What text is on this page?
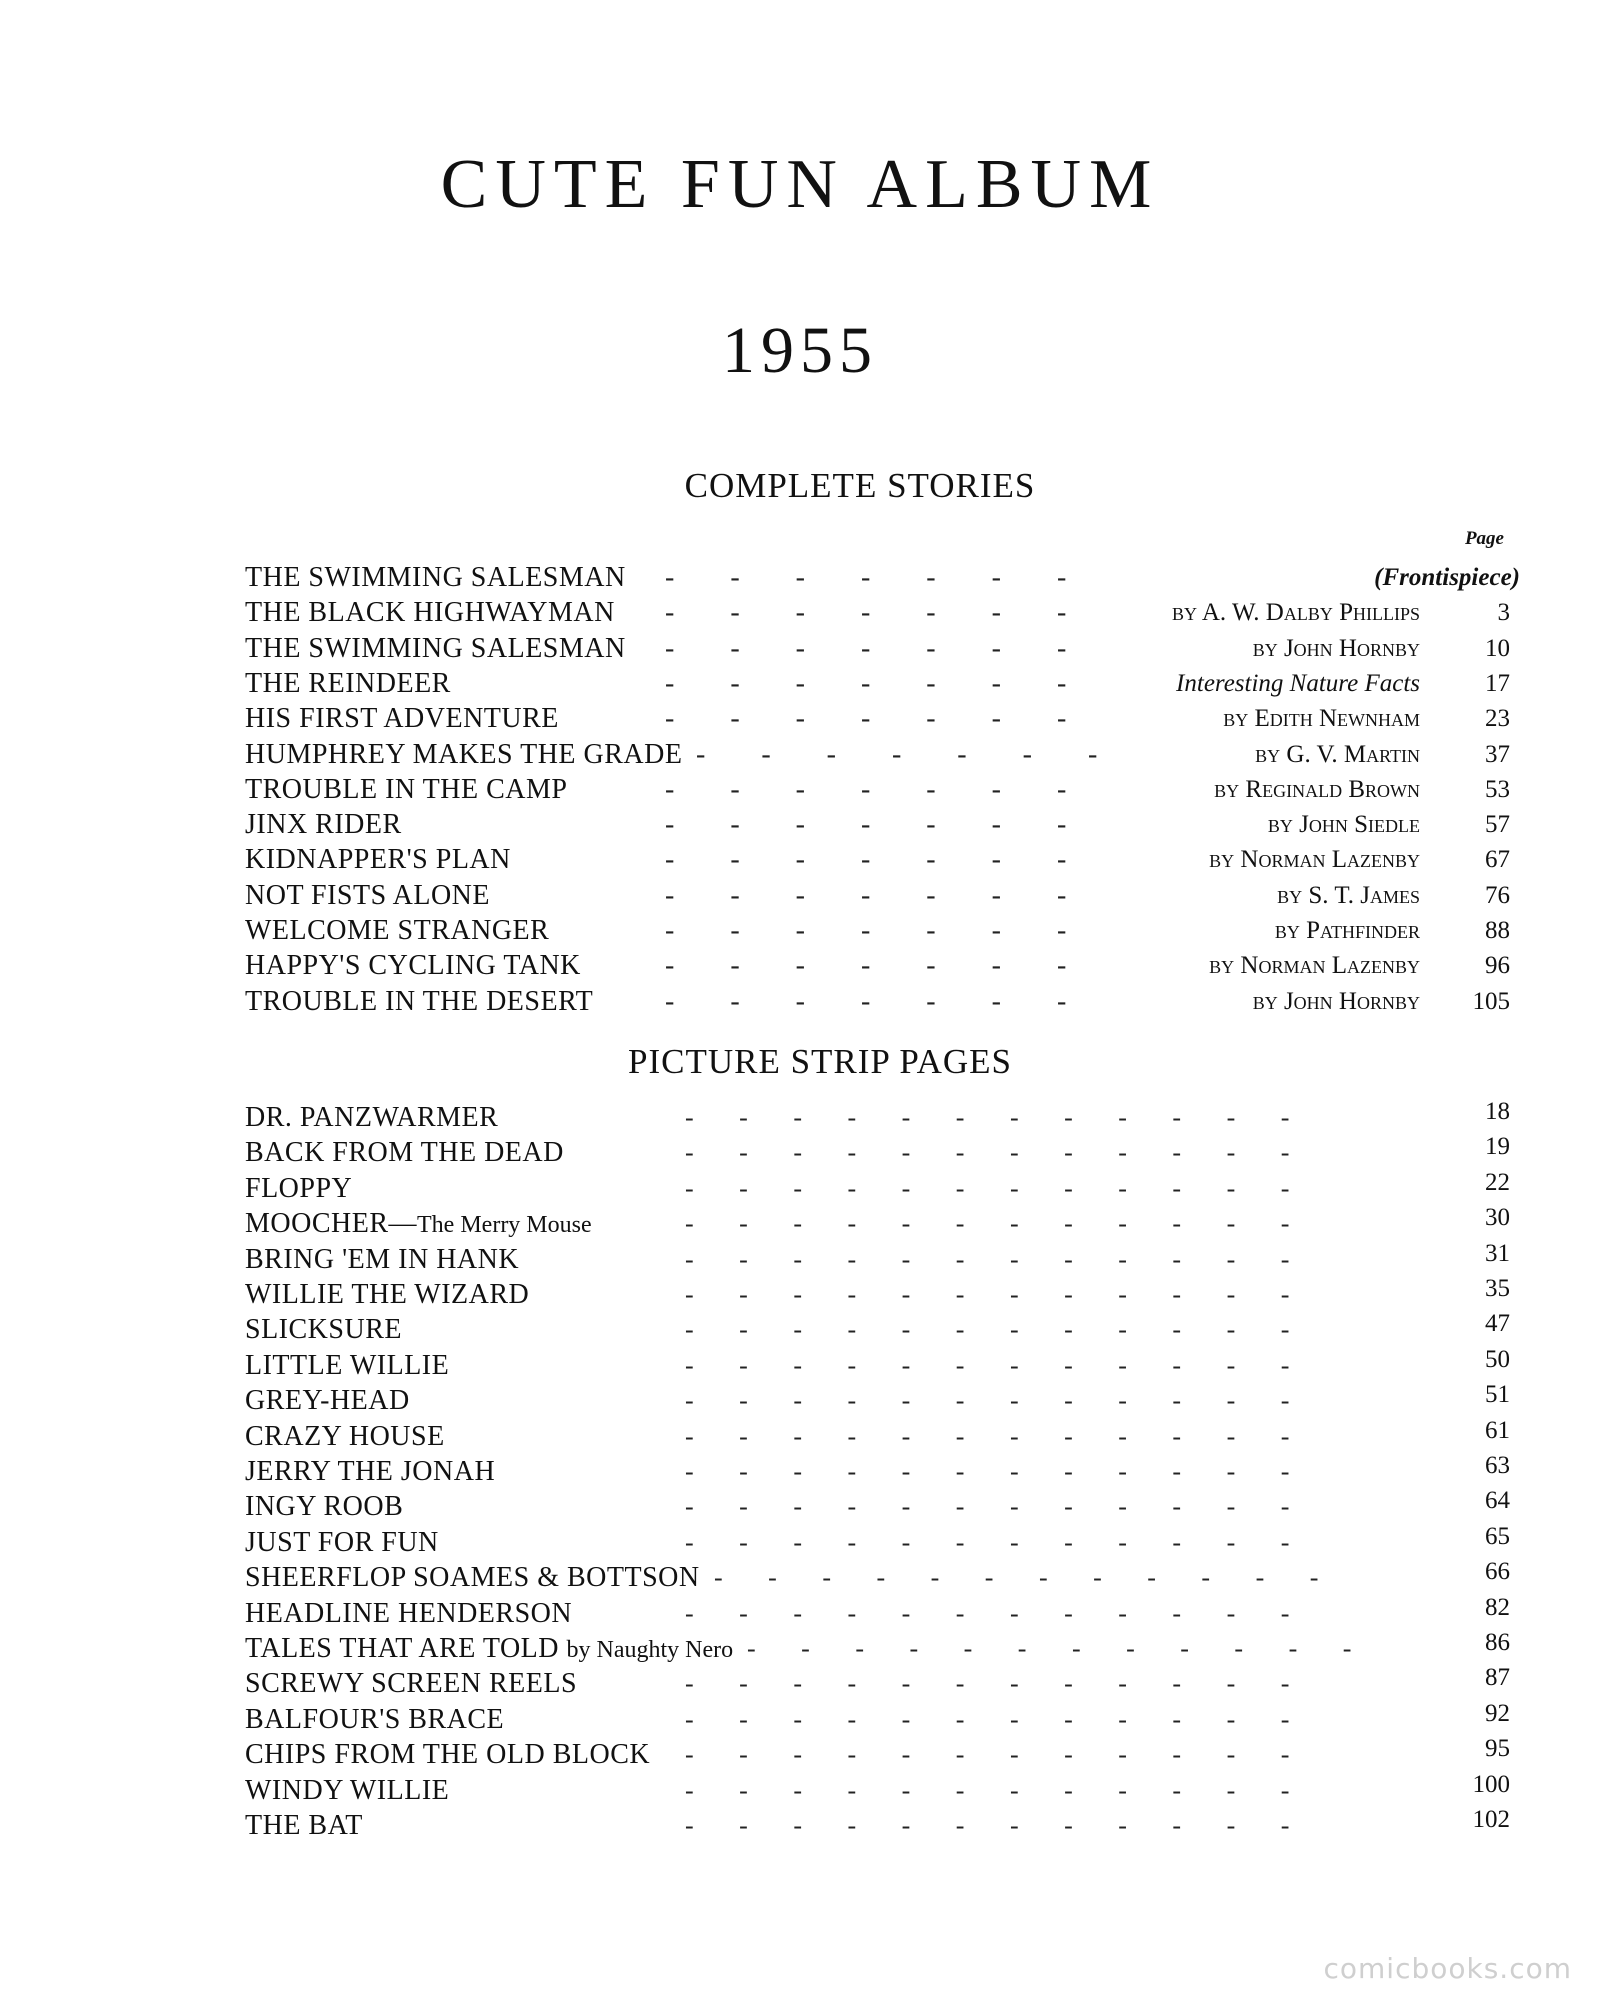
CUTE FUN ALBUM
1955
COMPLETE STORIES
Page
THE SWIMMING SALESMAN -        -        -        -        -        -        -	(Frontispiece)
THE BLACK HIGHWAYMAN -        -        -        -        -        -        -	by A. W. Dalby Phillips	3
THE SWIMMING SALESMAN -        -        -        -        -        -        -	by John Hornby	10
THE REINDEER	-        -        -        -        -        -        -	Interesting Nature Facts	17
HIS FIRST ADVENTURE	-        -        -        -        -        -        -	by Edith Newnham	23
HUMPHREY MAKES THE GRADE -        -        -        -        -        -        -	by G. V. Martin	37
TROUBLE IN THE CAMP	-        -        -        -        -        -        -	by Reginald Brown	53
JINX RIDER	-        -        -        -        -        -        -	by John Siedle	57
KIDNAPPER'S PLAN	-        -        -        -        -        -        -	by Norman Lazenby	67
NOT FISTS ALONE	-        -        -        -        -        -        -	by S. T. James	76
WELCOME STRANGER	-        -        -        -        -        -        -	by Pathfinder	88
HAPPY'S CYCLING TANK	-        -        -        -        -        -        -	by Norman Lazenby	96
TROUBLE IN THE DESERT	-        -        -        -        -        -        -	by John Hornby	105
PICTURE STRIP PAGES
DR. PANZWARMER	-       -       -       -       -       -       -       -       -       -       -       -	18
BACK FROM THE DEAD	-       -       -       -       -       -       -       -       -       -       -       -	19
FLOPPY	-       -       -       -       -       -       -       -       -       -       -       -	22
MOOCHER—The Merry Mouse	-       -       -       -       -       -       -       -       -       -       -       -	30
BRING 'EM IN HANK	-       -       -       -       -       -       -       -       -       -       -       -	31
WILLIE THE WIZARD	-       -       -       -       -       -       -       -       -       -       -       -	35
SLICKSURE	-       -       -       -       -       -       -       -       -       -       -       -	47
LITTLE WILLIE	-       -       -       -       -       -       -       -       -       -       -       -	50
GREY-HEAD	-       -       -       -       -       -       -       -       -       -       -       -	51
CRAZY HOUSE	-       -       -       -       -       -       -       -       -       -       -       -	61
JERRY THE JONAH	-       -       -       -       -       -       -       -       -       -       -       -	63
INGY ROOB	-       -       -       -       -       -       -       -       -       -       -       -	64
JUST FOR FUN	-       -       -       -       -       -       -       -       -       -       -       -	65
SHEERFLOP SOAMES & BOTTSON -       -       -       -       -       -       -       -       -       -       -       -	66
HEADLINE HENDERSON	-       -       -       -       -       -       -       -       -       -       -       -	82
TALES THAT ARE TOLD by Naughty Nero -       -       -       -       -       -       -       -       -       -       -       -	86
SCREWY SCREEN REELS	-       -       -       -       -       -       -       -       -       -       -       -	87
BALFOUR'S BRACE	-       -       -       -       -       -       -       -       -       -       -       -	92
CHIPS FROM THE OLD BLOCK -       -       -       -       -       -       -       -       -       -       -       -	95
WINDY WILLIE	-       -       -       -       -       -       -       -       -       -       -       -	100
THE BAT	-       -       -       -       -       -       -       -       -       -       -       -	102
comicbooks.com
